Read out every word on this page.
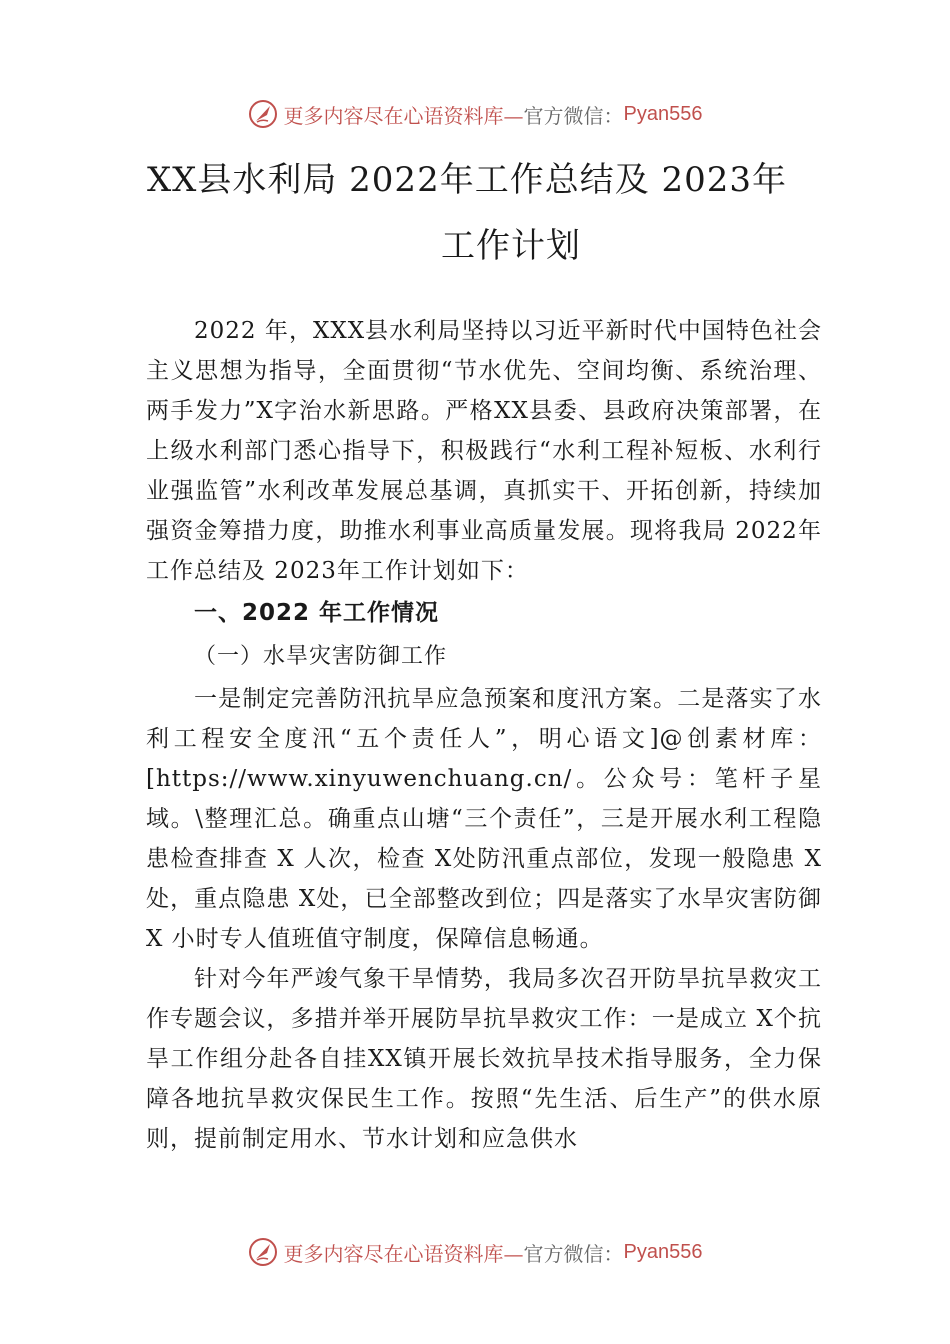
更多内容尽在心语资料库— 官方微信： Pyan556
XX县水利局 2022年工作总结及 2023年
工作计划

2022 年，XXX县水利局坚持以习近平新时代中国特色社会主义思想为指导，全面贯彻“节水优先、空间均衡、系统治理、两手发力”X字治水新思路。严格XX县委、县政府决策部署，在上级水利部门悉心指导下，积极践行“水利工程补短板、水利行业强监管”水利改革发展总基调，真抓实干、开拓创新，持续加强资金筹措力度，助推水利事业高质量发展。现将我局 2022年工作总结及 2023年工作计划如下：

一、2022 年工作情况

（一）水旱灾害防御工作

一是制定完善防汛抗旱应急预案和度汛方案。二是落实了水利工程安全度汛“五个责任人”，明心语文]@创素材库：[https://www.xinyuwenchuang.cn/。公众号：笔杆子星域。\整理汇总。确重点山塘“三个责任”，三是开展水利工程隐患检查排查 X 人次，检查 X处防汛重点部位，发现一般隐患 X处，重点隐患 X处，已全部整改到位；四是落实了水旱灾害防御 X 小时专人值班值守制度，保障信息畅通。

针对今年严竣气象干旱情势，我局多次召开防旱抗旱救灾工作专题会议，多措并举开展防旱抗旱救灾工作：一是成立 X个抗旱工作组分赴各自挂XX镇开展长效抗旱技术指导服务，全力保障各地抗旱救灾保民生工作。按照“先生活、后生产”的供水原则，提前制定用水、节水计划和应急供水

更多内容尽在心语资料库— 官方微信： Pyan556
